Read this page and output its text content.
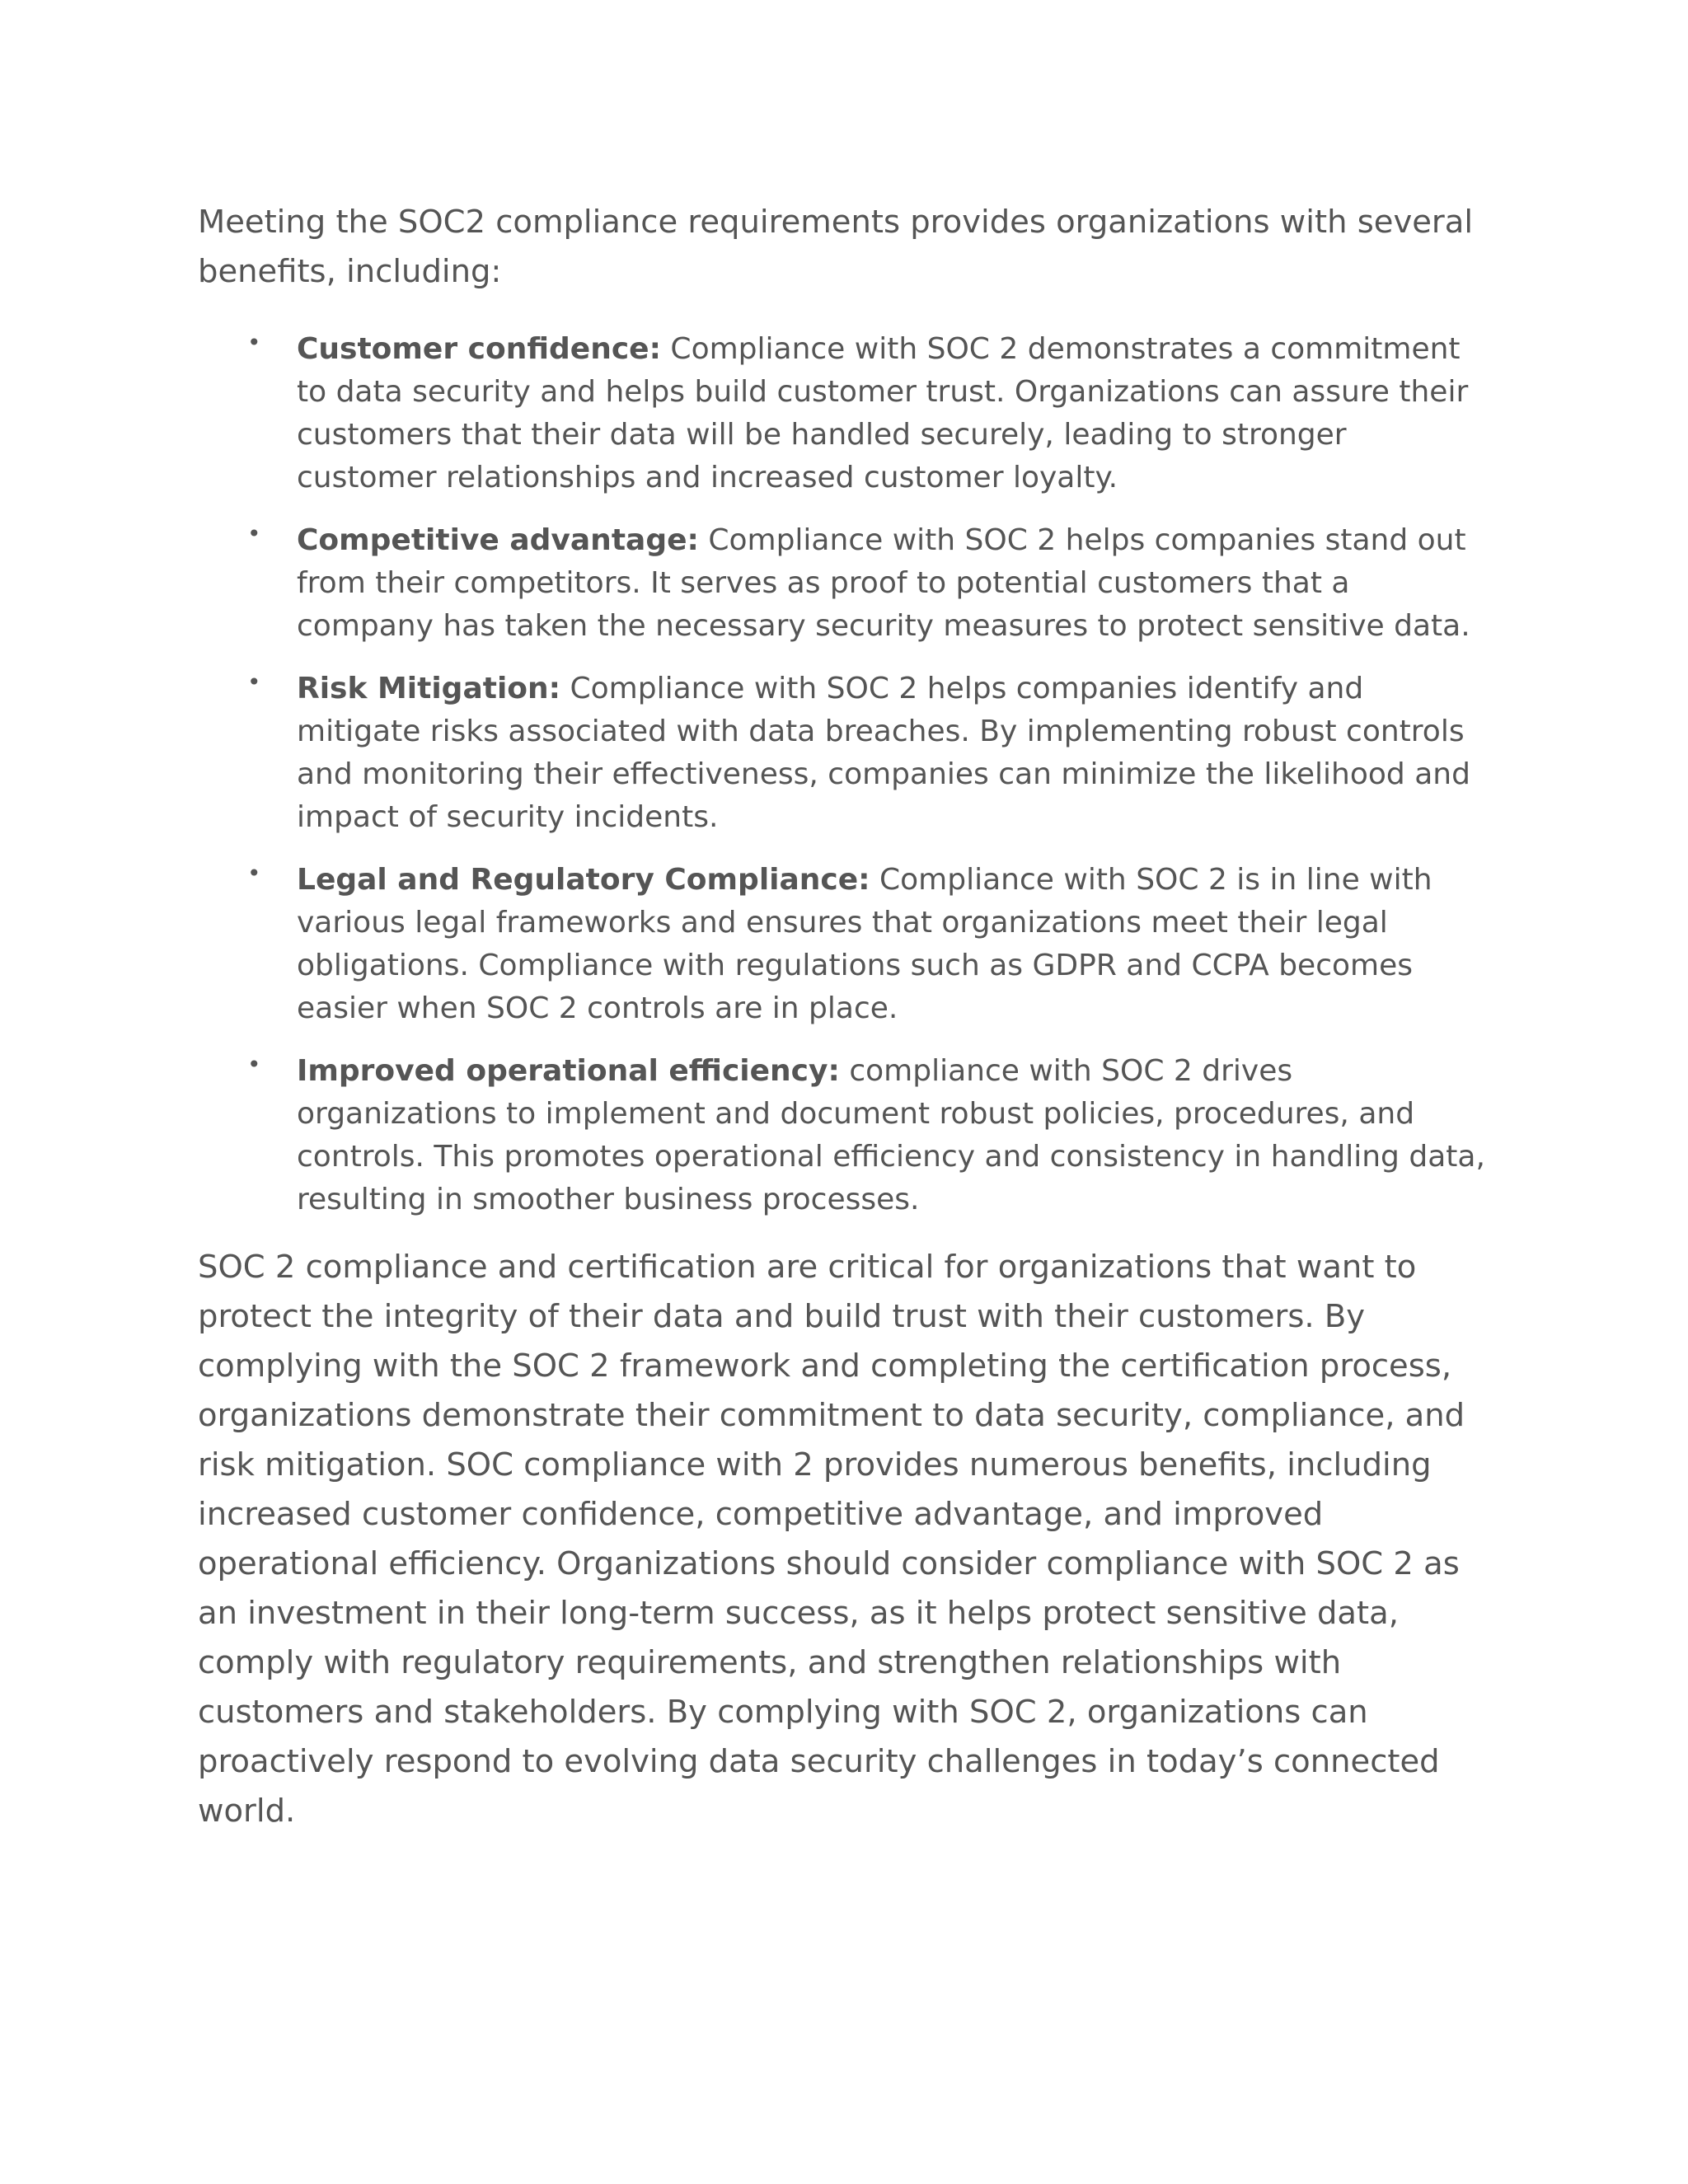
Meeting the SOC2 compliance requirements provides organizations with several benefits, including:

• Customer confidence: Compliance with SOC 2 demonstrates a commitment to data security and helps build customer trust. Organizations can assure their customers that their data will be handled securely, leading to stronger customer relationships and increased customer loyalty.
• Competitive advantage: Compliance with SOC 2 helps companies stand out from their competitors. It serves as proof to potential customers that a company has taken the necessary security measures to protect sensitive data.
• Risk Mitigation: Compliance with SOC 2 helps companies identify and mitigate risks associated with data breaches. By implementing robust controls and monitoring their effectiveness, companies can minimize the likelihood and impact of security incidents.
• Legal and Regulatory Compliance: Compliance with SOC 2 is in line with various legal frameworks and ensures that organizations meet their legal obligations. Compliance with regulations such as GDPR and CCPA becomes easier when SOC 2 controls are in place.
• Improved operational efficiency: compliance with SOC 2 drives organizations to implement and document robust policies, procedures, and controls. This promotes operational efficiency and consistency in handling data, resulting in smoother business processes.

SOC 2 compliance and certification are critical for organizations that want to protect the integrity of their data and build trust with their customers. By complying with the SOC 2 framework and completing the certification process, organizations demonstrate their commitment to data security, compliance, and risk mitigation. SOC compliance with 2 provides numerous benefits, including increased customer confidence, competitive advantage, and improved operational efficiency. Organizations should consider compliance with SOC 2 as an investment in their long-term success, as it helps protect sensitive data, comply with regulatory requirements, and strengthen relationships with customers and stakeholders. By complying with SOC 2, organizations can proactively respond to evolving data security challenges in today’s connected world.
